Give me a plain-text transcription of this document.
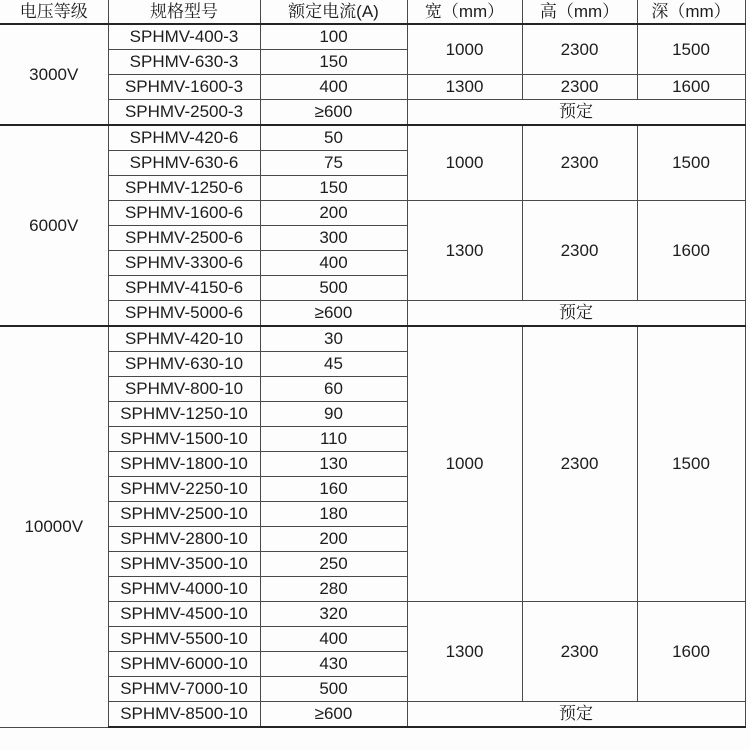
电压等级	规格型号	额定电流(A)	宽（mm）	高（mm）	深（mm）
3000V	SPHMV-400-3	100	1000	2300	1500
	SPHMV-630-3	150			
	SPHMV-1600-3	400	1300	2300	1600
	SPHMV-2500-3	≥600	预定		
6000V	SPHMV-420-6	50	1000	2300	1500
	SPHMV-630-6	75			
	SPHMV-1250-6	150			
	SPHMV-1600-6	200	1300	2300	1600
	SPHMV-2500-6	300			
	SPHMV-3300-6	400			
	SPHMV-4150-6	500			
	SPHMV-5000-6	≥600	预定		
10000V	SPHMV-420-10	30	1000	2300	1500
	SPHMV-630-10	45			
	SPHMV-800-10	60			
	SPHMV-1250-10	90			
	SPHMV-1500-10	110			
	SPHMV-1800-10	130			
	SPHMV-2250-10	160			
	SPHMV-2500-10	180			
	SPHMV-2800-10	200			
	SPHMV-3500-10	250			
	SPHMV-4000-10	280			
	SPHMV-4500-10	320	1300	2300	1600
	SPHMV-5500-10	400			
	SPHMV-6000-10	430			
	SPHMV-7000-10	500			
	SPHMV-8500-10	≥600	预定		
